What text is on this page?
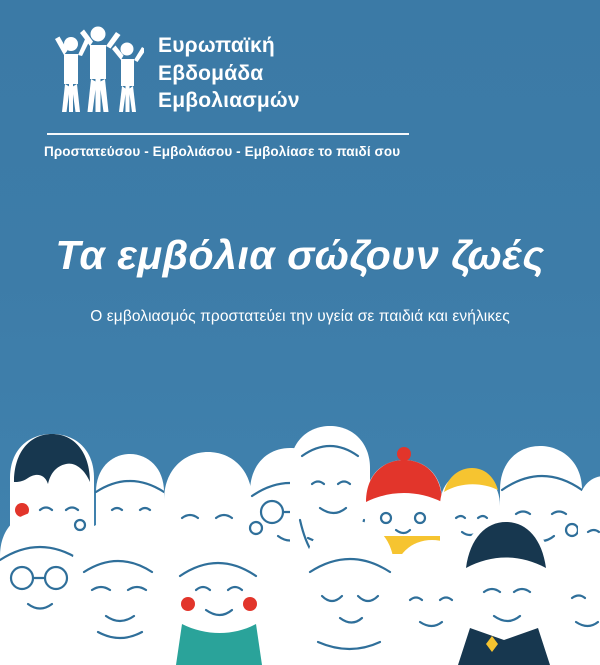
Ευρωπαϊκή
Εβδομάδα
Εμβολιασμών
Προστατεύσου - Εμβολιάσου - Εμβολίασε το παιδί σου
Τα εμβόλια σώζουν ζωές
Ο εμβολιασμός προστατεύει την υγεία σε παιδιά και ενήλικες
